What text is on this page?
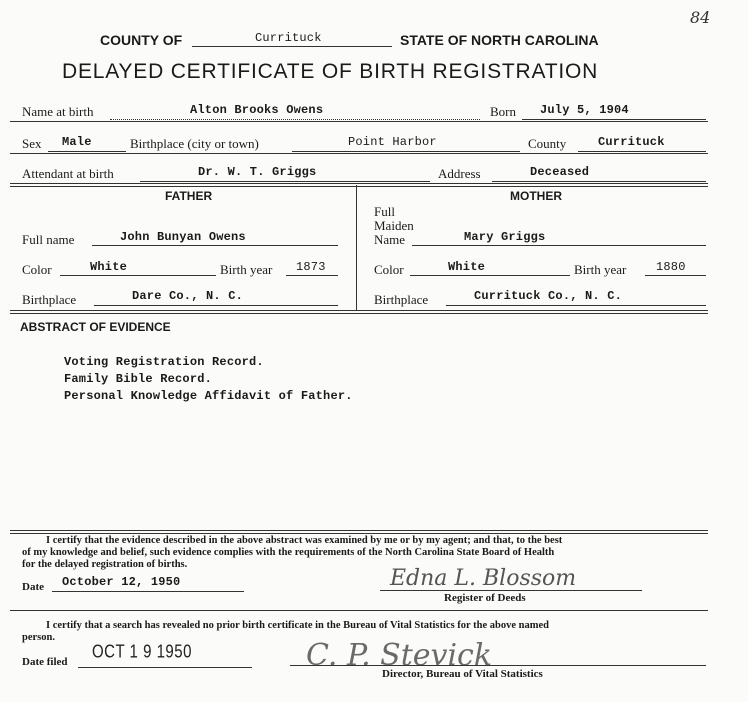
84
COUNTY OF	Currituck	STATE OF NORTH CAROLINA
DELAYED CERTIFICATE OF BIRTH REGISTRATION
Name at birth	Alton Brooks Owens	Born July 5, 1904
Sex Male	Birthplace (city or town)	Point Harbor	County	Currituck
Attendant at birth	Dr. W. T. Griggs	Address	Deceased
FATHER	MOTHER
Full name	John Bunyan Owens
Full
Maiden
Name	Mary Griggs
Color	White	Birth year 1873	Color	White	Birth year 1880
Birthplace	Dare Co., N. C.	Birthplace	Currituck Co., N. C.
ABSTRACT OF EVIDENCE
Voting Registration Record.
Family Bible Record.
Personal Knowledge Affidavit of Father.
I certify that the evidence described in the above abstract was examined by me or by my agent; and that, to the best
of my knowledge and belief, such evidence complies with the requirements of the North Carolina State Board of Health
for the delayed registration of births.
Date October 12, 1950	Edna L. Blossom
Register of Deeds
I certify that a search has revealed no prior birth certificate in the Bureau of Vital Statistics for the above named
person.
Date filed OCT 1 9 1950	C. P. Stevick
Director, Bureau of Vital Statistics
